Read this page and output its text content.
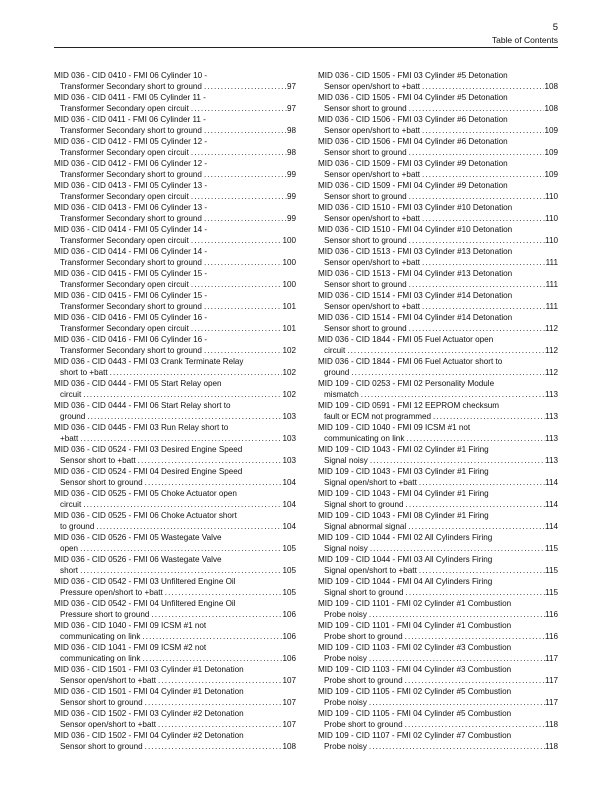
5
Table of Contents
MID 036 - CID 0410 - FMI 06 Cylinder 10 -
Transformer Secondary short to ground .....	97
MID 036 - CID 0411 - FMI 05 Cylinder 11 -
Transformer Secondary open circuit .....	97
MID 036 - CID 0411 - FMI 06 Cylinder 11 -
Transformer Secondary short to ground .....	98
MID 036 - CID 0412 - FMI 05 Cylinder 12 -
Transformer Secondary open circuit .....	98
MID 036 - CID 0412 - FMI 06 Cylinder 12 -
Transformer Secondary short to ground .....	99
MID 036 - CID 0413 - FMI 05 Cylinder 13 -
Transformer Secondary open circuit .....	99
MID 036 - CID 0413 - FMI 06 Cylinder 13 -
Transformer Secondary short to ground .....	99
MID 036 - CID 0414 - FMI 05 Cylinder 14 -
Transformer Secondary open circuit .....	100
MID 036 - CID 0414 - FMI 06 Cylinder 14 -
Transformer Secondary short to ground .....	100
MID 036 - CID 0415 - FMI 05 Cylinder 15 -
Transformer Secondary open circuit .....	100
MID 036 - CID 0415 - FMI 06 Cylinder 15 -
Transformer Secondary short to ground .....	101
MID 036 - CID 0416 - FMI 05 Cylinder 16 -
Transformer Secondary open circuit .....	101
MID 036 - CID 0416 - FMI 06 Cylinder 16 -
Transformer Secondary short to ground .....	102
MID 036 - CID 0443 - FMI 03 Crank Terminate Relay
short to +batt .....	102
MID 036 - CID 0444 - FMI 05 Start Relay open
circuit .....	102
MID 036 - CID 0444 - FMI 06 Start Relay short to
ground .....	103
MID 036 - CID 0445 - FMI 03 Run Relay short to
+batt .....	103
MID 036 - CID 0524 - FMI 03 Desired Engine Speed
Sensor short to +batt .....	103
MID 036 - CID 0524 - FMI 04 Desired Engine Speed
Sensor short to ground .....	104
MID 036 - CID 0525 - FMI 05 Choke Actuator open
circuit .....	104
MID 036 - CID 0525 - FMI 06 Choke Actuator short
to ground .....	104
MID 036 - CID 0526 - FMI 05 Wastegate Valve
open .....	105
MID 036 - CID 0526 - FMI 06 Wastegate Valve
short .....	105
MID 036 - CID 0542 - FMI 03 Unfiltered Engine Oil
Pressure open/short to +batt .....	105
MID 036 - CID 0542 - FMI 04 Unfiltered Engine Oil
Pressure short to ground .....	106
MID 036 - CID 1040 - FMI 09 ICSM #1 not
communicating on link .....	106
MID 036 - CID 1041 - FMI 09 ICSM #2 not
communicating on link .....	106
MID 036 - CID 1501 - FMI 03 Cylinder #1 Detonation
Sensor open/short to +batt .....	107
MID 036 - CID 1501 - FMI 04 Cylinder #1 Detonation
Sensor short to ground .....	107
MID 036 - CID 1502 - FMI 03 Cylinder #2 Detonation
Sensor open/short to +batt .....	107
MID 036 - CID 1502 - FMI 04 Cylinder #2 Detonation
Sensor short to ground .....	108
MID 036 - CID 1505 - FMI 03 Cylinder #5 Detonation
Sensor open/short to +batt .....	108
MID 036 - CID 1505 - FMI 04 Cylinder #5 Detonation
Sensor short to ground .....	108
MID 036 - CID 1506 - FMI 03 Cylinder #6 Detonation
Sensor open/short to +batt .....	109
MID 036 - CID 1506 - FMI 04 Cylinder #6 Detonation
Sensor short to ground .....	109
MID 036 - CID 1509 - FMI 03 Cylinder #9 Detonation
Sensor open/short to +batt .....	109
MID 036 - CID 1509 - FMI 04 Cylinder #9 Detonation
Sensor short to ground .....	110
MID 036 - CID 1510 - FMI 03 Cylinder #10 Detonation
Sensor open/short to +batt .....	110
MID 036 - CID 1510 - FMI 04 Cylinder #10 Detonation
Sensor short to ground .....	110
MID 036 - CID 1513 - FMI 03 Cylinder #13 Detonation
Sensor open/short to +batt .....	111
MID 036 - CID 1513 - FMI 04 Cylinder #13 Detonation
Sensor short to ground .....	111
MID 036 - CID 1514 - FMI 03 Cylinder #14 Detonation
Sensor open/short to +batt .....	111
MID 036 - CID 1514 - FMI 04 Cylinder #14 Detonation
Sensor short to ground .....	112
MID 036 - CID 1844 - FMI 05 Fuel Actuator open
circuit .....	112
MID 036 - CID 1844 - FMI 06 Fuel Actuator short to
ground .....	112
MID 109 - CID 0253 - FMI 02 Personality Module
mismatch .....	113
MID 109 - CID 0591 - FMI 12 EEPROM checksum
fault or ECM not programmed .....	113
MID 109 - CID 1040 - FMI 09 ICSM #1 not
communicating on link .....	113
MID 109 - CID 1043 - FMI 02 Cylinder #1 Firing
Signal noisy .....	113
MID 109 - CID 1043 - FMI 03 Cylinder #1 Firing
Signal open/short to +batt .....	114
MID 109 - CID 1043 - FMI 04 Cylinder #1 Firing
Signal short to ground .....	114
MID 109 - CID 1043 - FMI 08 Cylinder #1 Firing
Signal abnormal signal .....	114
MID 109 - CID 1044 - FMI 02 All Cylinders Firing
Signal noisy .....	115
MID 109 - CID 1044 - FMI 03 All Cylinders Firing
Signal open/short to +batt .....	115
MID 109 - CID 1044 - FMI 04 All Cylinders Firing
Signal short to ground .....	115
MID 109 - CID 1101 - FMI 02 Cylinder #1 Combustion
Probe noisy .....	116
MID 109 - CID 1101 - FMI 04 Cylinder #1 Combustion
Probe short to ground .....	116
MID 109 - CID 1103 - FMI 02 Cylinder #3 Combustion
Probe noisy .....	117
MID 109 - CID 1103 - FMI 04 Cylinder #3 Combustion
Probe short to ground .....	117
MID 109 - CID 1105 - FMI 02 Cylinder #5 Combustion
Probe noisy .....	117
MID 109 - CID 1105 - FMI 04 Cylinder #5 Combustion
Probe short to ground .....	118
MID 109 - CID 1107 - FMI 02 Cylinder #7 Combustion
Probe noisy .....	118
